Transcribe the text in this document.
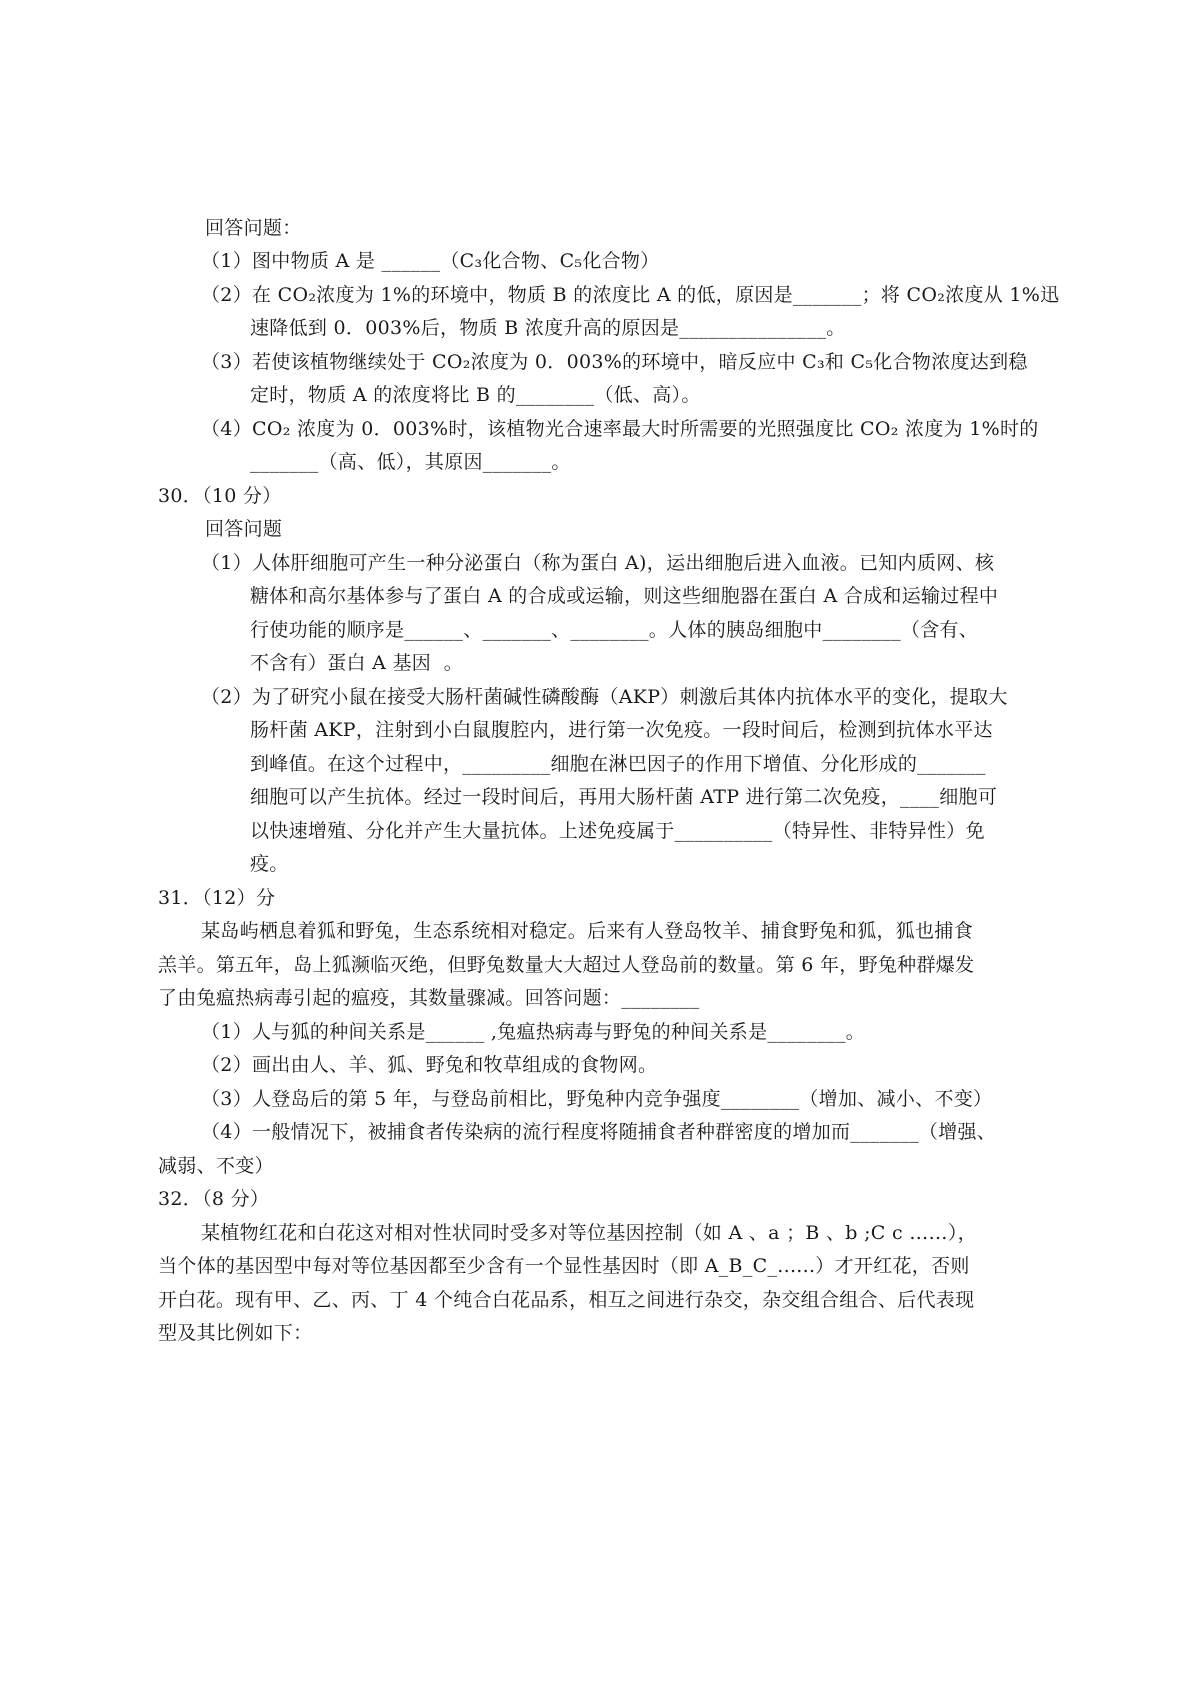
回答问题：
（1）图中物质 A 是 ______（C₃化合物、C₅化合物）
（2）在 CO₂浓度为 1%的环境中，物质 B 的浓度比 A 的低，原因是_______；将 CO₂浓度从 1%迅
速降低到 0．003%后，物质 B 浓度升高的原因是_______________。
（3）若使该植物继续处于 CO₂浓度为 0．003%的环境中，暗反应中 C₃和 C₅化合物浓度达到稳
定时，物质 A 的浓度将比 B 的________（低、高）。
（4）CO₂ 浓度为 0．003%时，该植物光合速率最大时所需要的光照强度比 CO₂ 浓度为 1%时的
_______（高、低），其原因_______。
30．（10 分）
回答问题
（1）人体肝细胞可产生一种分泌蛋白（称为蛋白 A)，运出细胞后进入血液。已知内质网、核
糖体和高尔基体参与了蛋白 A 的合成或运输，则这些细胞器在蛋白 A 合成和运输过程中
行使功能的顺序是______、_______、________。人体的胰岛细胞中________（含有、
不含有）蛋白 A 基因  。
（2）为了研究小鼠在接受大肠杆菌碱性磷酸酶（AKP）刺激后其体内抗体水平的变化，提取大
肠杆菌 AKP，注射到小白鼠腹腔内，进行第一次免疫。一段时间后，检测到抗体水平达
到峰值。在这个过程中，_________细胞在淋巴因子的作用下增值、分化形成的_______
细胞可以产生抗体。经过一段时间后，再用大肠杆菌 ATP 进行第二次免疫，____细胞可
以快速增殖、分化并产生大量抗体。上述免疫属于__________（特异性、非特异性）免
疫。
31．（12）分
某岛屿栖息着狐和野兔，生态系统相对稳定。后来有人登岛牧羊、捕食野兔和狐，狐也捕食
羔羊。第五年，岛上狐濒临灭绝，但野兔数量大大超过人登岛前的数量。第 6 年，野兔种群爆发
了由兔瘟热病毒引起的瘟疫，其数量骤减。回答问题：________
（1）人与狐的种间关系是______ ,兔瘟热病毒与野兔的种间关系是________。
（2）画出由人、羊、狐、野兔和牧草组成的食物网。
（3）人登岛后的第 5 年，与登岛前相比，野兔种内竞争强度________（增加、减小、不变）
（4）一般情况下，被捕食者传染病的流行程度将随捕食者种群密度的增加而_______（增强、
减弱、不变）
32．（8 分）
某植物红花和白花这对相对性状同时受多对等位基因控制（如 A 、a ；B 、b ;C c ……），
当个体的基因型中每对等位基因都至少含有一个显性基因时（即 A_B_C_......）才开红花，否则
开白花。现有甲、乙、丙、丁 4 个纯合白花品系，相互之间进行杂交，杂交组合组合、后代表现
型及其比例如下：
